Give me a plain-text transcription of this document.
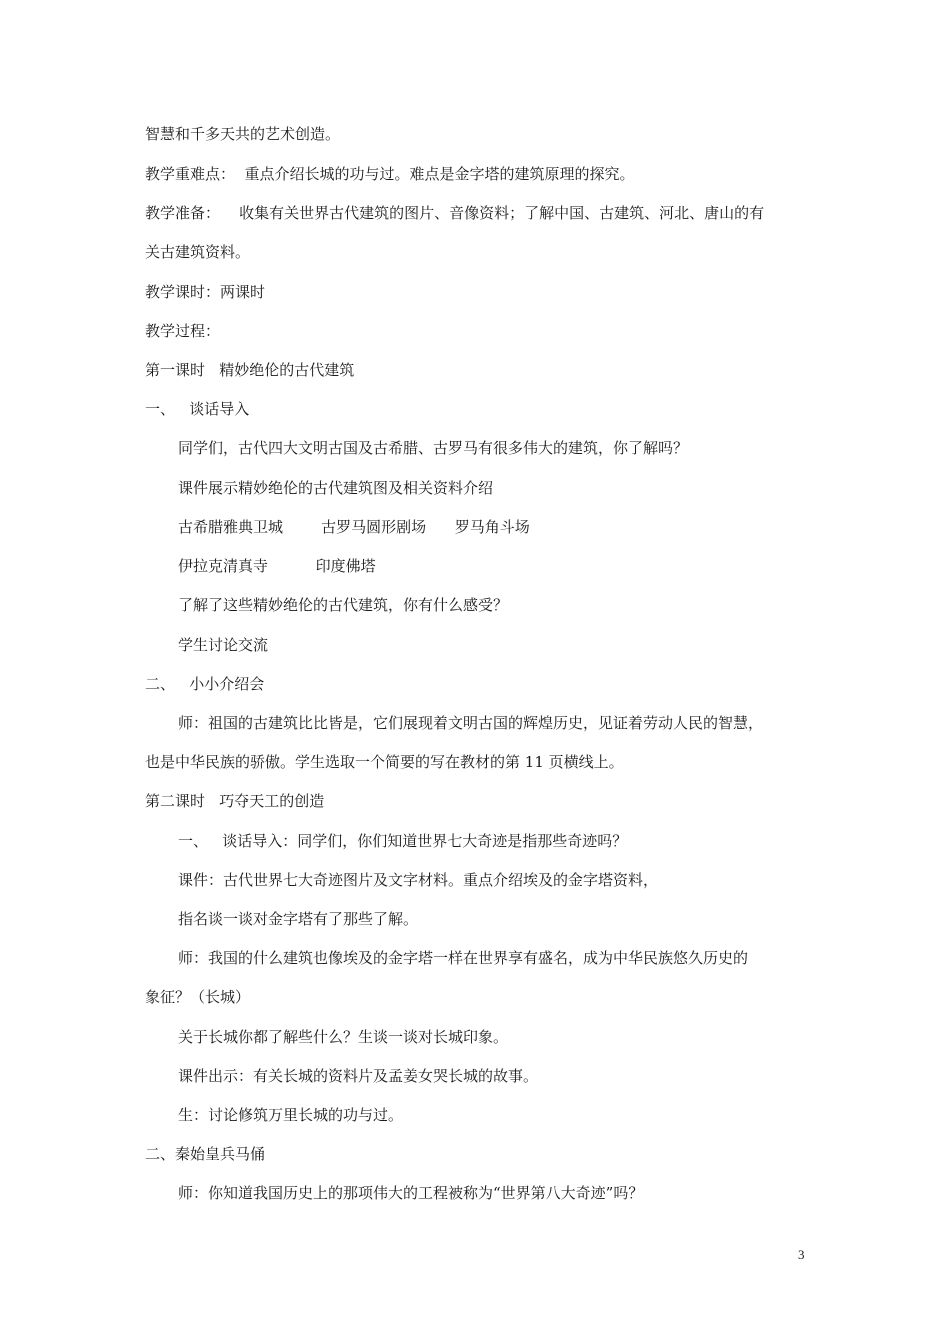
智慧和千多天共的艺术创造。
教学重难点：  重点介绍长城的功与过。难点是金字塔的建筑原理的探究。
教学准备：    收集有关世界古代建筑的图片、音像资料；了解中国、古建筑、河北、唐山的有
关古建筑资料。
教学课时：两课时
教学过程：
第一课时   精妙绝伦的古代建筑
一、   谈话导入
同学们，古代四大文明古国及古希腊、古罗马有很多伟大的建筑，你了解吗？
课件展示精妙绝伦的古代建筑图及相关资料介绍
古希腊雅典卫城        古罗马圆形剧场      罗马角斗场
伊拉克清真寺          印度佛塔
了解了这些精妙绝伦的古代建筑，你有什么感受？
学生讨论交流
二、   小小介绍会
师：祖国的古建筑比比皆是，它们展现着文明古国的辉煌历史，见证着劳动人民的智慧，
也是中华民族的骄傲。学生选取一个简要的写在教材的第 11 页横线上。
第二课时   巧夺天工的创造
一、   谈话导入：同学们，你们知道世界七大奇迹是指那些奇迹吗？
课件：古代世界七大奇迹图片及文字材料。重点介绍埃及的金字塔资料，
指名谈一谈对金字塔有了那些了解。
师：我国的什么建筑也像埃及的金字塔一样在世界享有盛名，成为中华民族悠久历史的
象征？（长城）
关于长城你都了解些什么？生谈一谈对长城印象。
课件出示：有关长城的资料片及孟姜女哭长城的故事。
生：讨论修筑万里长城的功与过。
二、秦始皇兵马俑
师：你知道我国历史上的那项伟大的工程被称为“世界第八大奇迹”吗？
3
